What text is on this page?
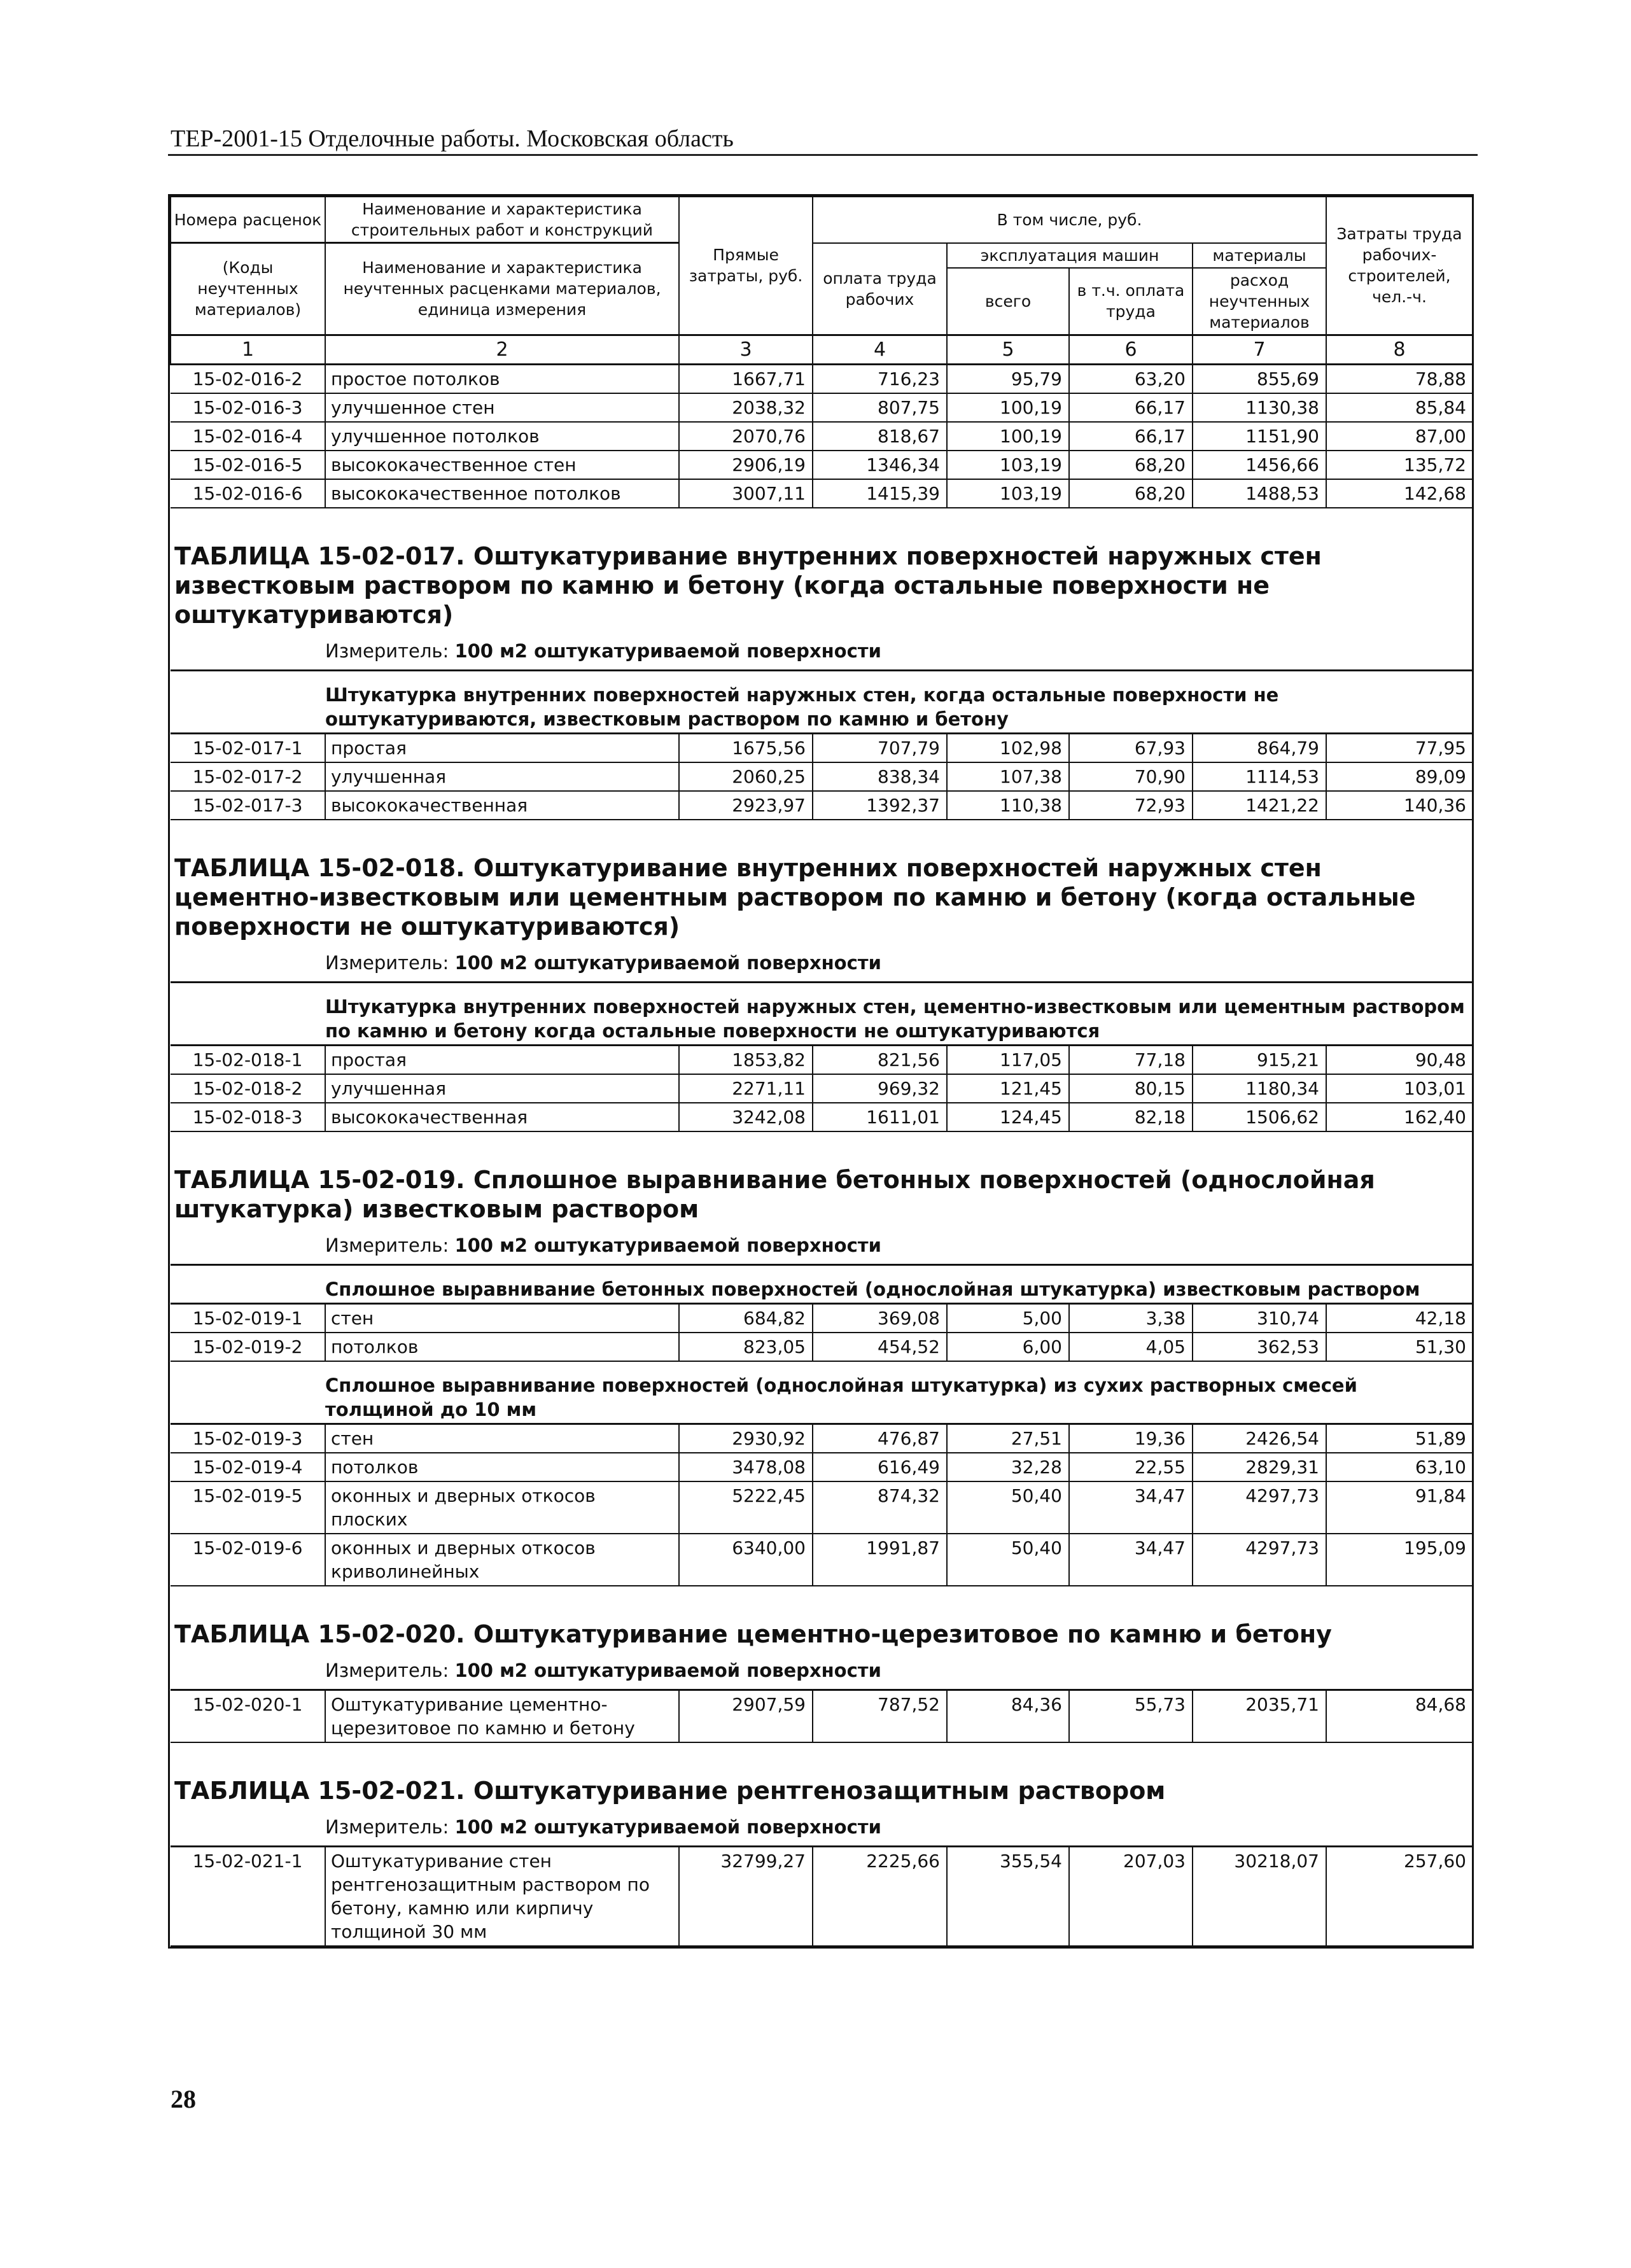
ТЕР-2001-15 Отделочные работы. Московская область
Номера расценок	Наименование и характеристика строительных работ и конструкций	Прямые затраты, руб.	В том числе, руб.				Затраты труда рабочих-строителей, чел.-ч.
(Коды неучтенных материалов)	Наименование и характеристика неучтенных расценками материалов, единица измерения		оплата труда рабочих	эксплуатация машин		материалы	
				всего	в т.ч. оплата труда	расход неучтенных материалов	
1	2	3	4	5	6	7	8
15-02-016-2	простое потолков	1667,71	716,23	95,79	63,20	855,69	78,88
15-02-016-3	улучшенное стен	2038,32	807,75	100,19	66,17	1130,38	85,84
15-02-016-4	улучшенное потолков	2070,76	818,67	100,19	66,17	1151,90	87,00
15-02-016-5	высококачественное стен	2906,19	1346,34	103,19	68,20	1456,66	135,72
15-02-016-6	высококачественное потолков	3007,11	1415,39	103,19	68,20	1488,53	142,68
ТАБЛИЦА 15-02-017. Оштукатуривание внутренних поверхностей наружных стен известковым раствором по камню и бетону (когда остальные поверхности не оштукатуриваются)							
	Измеритель: 100 м2 оштукатуриваемой поверхности						
	Штукатурка внутренних поверхностей наружных стен, когда остальные поверхности не оштукатуриваются, известковым раствором по камню и бетону						
15-02-017-1	простая	1675,56	707,79	102,98	67,93	864,79	77,95
15-02-017-2	улучшенная	2060,25	838,34	107,38	70,90	1114,53	89,09
15-02-017-3	высококачественная	2923,97	1392,37	110,38	72,93	1421,22	140,36
ТАБЛИЦА 15-02-018. Оштукатуривание внутренних поверхностей наружных стен цементно-известковым или цементным раствором по камню и бетону (когда остальные поверхности не оштукатуриваются)							
	Измеритель: 100 м2 оштукатуриваемой поверхности						
	Штукатурка внутренних поверхностей наружных стен, цементно-известковым или цементным раствором по камню и бетону когда остальные поверхности не оштукатуриваются						
15-02-018-1	простая	1853,82	821,56	117,05	77,18	915,21	90,48
15-02-018-2	улучшенная	2271,11	969,32	121,45	80,15	1180,34	103,01
15-02-018-3	высококачественная	3242,08	1611,01	124,45	82,18	1506,62	162,40
ТАБЛИЦА 15-02-019. Сплошное выравнивание бетонных поверхностей (однослойная штукатурка) известковым раствором							
	Измеритель: 100 м2 оштукатуриваемой поверхности						
	Сплошное выравнивание бетонных поверхностей (однослойная штукатурка) известковым раствором						
15-02-019-1	стен	684,82	369,08	5,00	3,38	310,74	42,18
15-02-019-2	потолков	823,05	454,52	6,00	4,05	362,53	51,30
	Сплошное выравнивание поверхностей (однослойная штукатурка) из сухих растворных смесей толщиной до 10 мм						
15-02-019-3	стен	2930,92	476,87	27,51	19,36	2426,54	51,89
15-02-019-4	потолков	3478,08	616,49	32,28	22,55	2829,31	63,10
15-02-019-5	оконных и дверных откосов плоских	5222,45	874,32	50,40	34,47	4297,73	91,84
15-02-019-6	оконных и дверных откосов криволинейных	6340,00	1991,87	50,40	34,47	4297,73	195,09
ТАБЛИЦА 15-02-020. Оштукатуривание цементно-церезитовое по камню и бетону							
	Измеритель: 100 м2 оштукатуриваемой поверхности						
15-02-020-1	Оштукатуривание цементно-церезитовое по камню и бетону	2907,59	787,52	84,36	55,73	2035,71	84,68
ТАБЛИЦА 15-02-021. Оштукатуривание рентгенозащитным раствором							
	Измеритель: 100 м2 оштукатуриваемой поверхности						
15-02-021-1	Оштукатуривание стен рентгенозащитным раствором по бетону, камню или кирпичу толщиной 30 мм	32799,27	2225,66	355,54	207,03	30218,07	257,60
28
